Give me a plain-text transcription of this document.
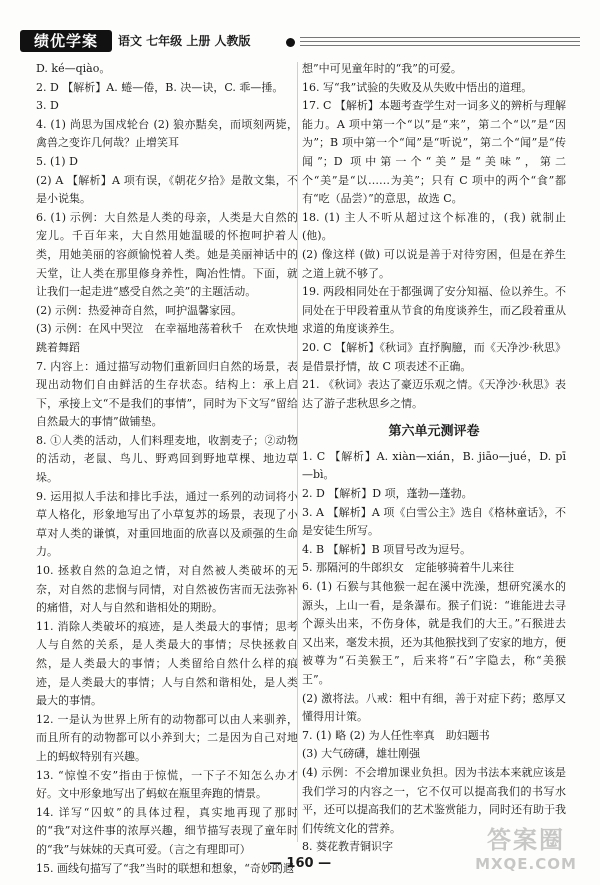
绩优学案	语文 七年级 上册 人教版

D. ké—qiào。

2. D 【解析】A. 蜷—倦，B. 决—诀，C. 乖—捶。

3. D

4. (1) 尚思为国戍轮台 (2) 狼亦黠矣，而顷刻两毙，禽兽之变诈几何哉？止增笑耳

5. (1) D

(2) A 【解析】A 项有误，《朝花夕拾》是散文集，不是小说集。

6. (1) 示例：大自然是人类的母亲，人类是大自然的宠儿。千百年来，大自然用她温暖的怀抱呵护着人类，用她美丽的容颜愉悦着人类。她是美丽神话中的天堂，让人类在那里修身养性，陶冶性情。下面，就让我们一起走进“感受自然之美”的主题活动。

(2) 示例：热爱神奇自然，呵护温馨家园。

(3) 示例：在风中哭泣　在幸福地荡着秋千　在欢快地跳着舞蹈

7. 内容上：通过描写动物们重新回归自然的场景，表现出动物们自由鲜活的生存状态。结构上：承上启下，承接上文“不是我们的事情”，同时为下文写“留给自然最大的事情”做铺垫。

8. ①人类的活动，人们料理麦地，收割麦子；②动物的活动，老鼠、鸟儿、野鸡回到野地草棵、地边草垛。

9. 运用拟人手法和排比手法，通过一系列的动词将小草人格化，形象地写出了小草复苏的场景，表现了小草对人类的谦慎，对重回地面的欣喜以及顽强的生命力。

10. 拯救自然的急迫之情，对自然被人类破坏的无奈，对自然的悲悯与同情，对自然被伤害而无法弥补的痛惜，对人与自然和谐相处的期盼。

11. 消除人类破坏的痕迹，是人类最大的事情；思考人与自然的关系，是人类最大的事情；尽快拯救自然，是人类最大的事情；人类留给自然什么样的痕迹，是人类最大的事情；人与自然和谐相处，是人类最大的事情。

12. 一是认为世界上所有的动物都可以由人来驯养，而且所有的动物都可以小养到大；二是因为自己对地上的蚂蚁特别有兴趣。

13. “惊惶不安”指由于惊慌，一下子不知怎么办才好。文中形象地写出了蚂蚁在瓶里奔跑的情景。

14. 详写“囚蚁”的具体过程，真实地再现了那时的“我”对这件事的浓厚兴趣，细节描写表现了童年时的“我”与妹妹的天真可爱。（言之有理即可）

15. 画线句描写了“我”当时的联想和想象，“奇妙的遐

想”中可见童年时的“我”的可爱。

16. 写“我”试验的失败及从失败中悟出的道理。

17. C 【解析】本题考查学生对一词多义的辨析与理解能力。A 项中第一个“以”是“来”，第二个“以”是“因为”；B 项中第一个“闻”是“听说”，第二个“闻”是“传闻”；D 项中第一个“美”是“美味”，第二个“美”是“以……为美”；只有 C 项中的两个“食”都有“吃（品尝）”的意思，故选 C。

18. (1) 主人不听从超过这个标准的，(我) 就制止 (他)。

(2) 像这样 (做) 可以说是善于对待穷困，但是在养生之道上就不够了。

19. 两段相同处在于都强调了安分知福、俭以养生。不同处在于甲段着重从节食的角度谈养生，而乙段着重从求道的角度谈养生。

20. C 【解析】《秋词》直抒胸臆，而《天净沙·秋思》是借景抒情，故 C 项表述不正确。

21. 《秋词》表达了豪迈乐观之情。《天净沙·秋思》表达了游子悲秋思乡之情。

第六单元测评卷

1. C 【解析】A. xiàn—xián，B. jiāo—jué，D. pī—bì。

2. D 【解析】D 项，蓬勃—蓬勃。

3. A 【解析】A 项《白雪公主》选自《格林童话》，不是安徒生所写。

4. B 【解析】B 项冒号改为逗号。

5. 那隔河的牛郎织女　定能够骑着牛儿来往

6. (1) 石猴与其他猴一起在溪中洗澡，想研究溪水的源头，上山一看，是条瀑布。猴子们说：“谁能进去寻个源头出来，不伤身体，就是我们的大王。”石猴进去又出来，毫发未损，还为其他猴找到了安家的地方，便被尊为“石美猴王”，后来将“石”字隐去，称“美猴王”。

(2) 激将法。八戒：粗中有细，善于对症下药；憨厚又懂得用计策。

7. (1) 略 (2) 为人任性率真　助妇题书

(3) 大气磅礴，雄壮刚强

(4) 示例：不会增加课业负担。因为书法本来就应该是我们学习的内容之一，它不仅可以提高我们的书写水平，还可以提高我们的艺术鉴赏能力，同时还有助于我们传统文化的营养。

8. 葵花教青铜识字

— 160 —
答案圈
MXQE.COM
